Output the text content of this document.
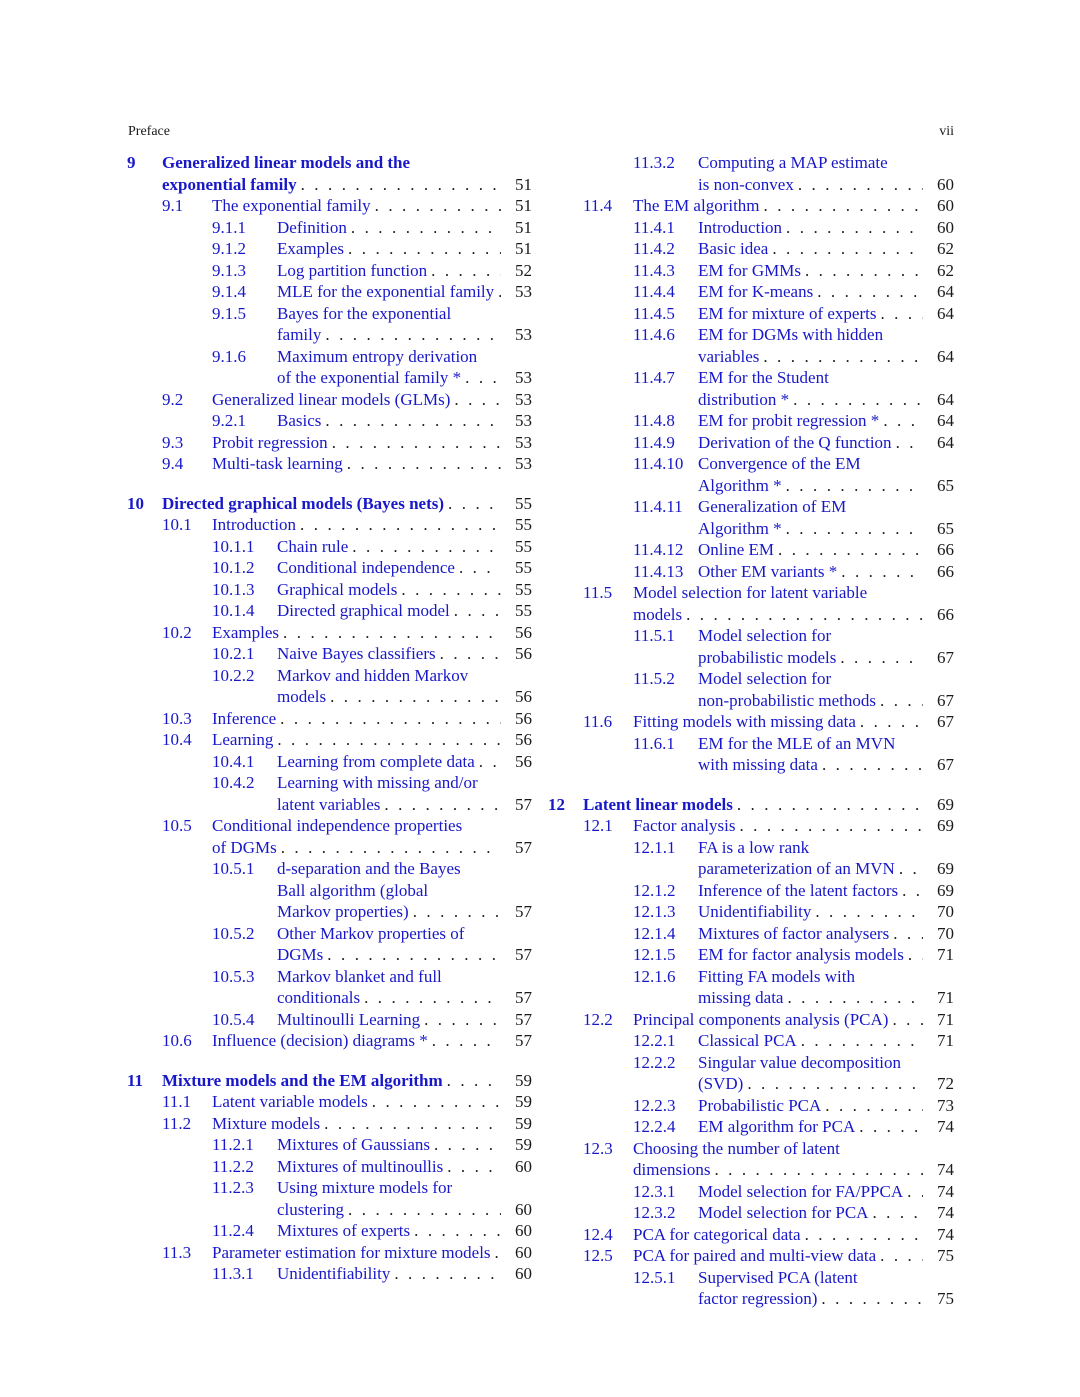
Preface	vii
9 Generalized linear models and the
exponential family . . .	51
9.1 The exponential family . . .	51
9.1.1 Definition . . .	51
9.1.2 Examples . . .	51
9.1.3 Log partition function . . .	52
9.1.4 MLE for the exponential family . . .	53
9.1.5 Bayes for the exponential
family . . .	53
9.1.6 Maximum entropy derivation
of the exponential family * . . .	53
9.2 Generalized linear models (GLMs) . . .	53
9.2.1 Basics . . .	53
9.3 Probit regression . . .	53
9.4 Multi-task learning . . .	53
10 Directed graphical models (Bayes nets) . . .	55
10.1 Introduction . . .	55
10.1.1 Chain rule . . .	55
10.1.2 Conditional independence . . .	55
10.1.3 Graphical models . . .	55
10.1.4 Directed graphical model . . .	55
10.2 Examples . . .	56
10.2.1 Naive Bayes classifiers . . .	56
10.2.2 Markov and hidden Markov
models . . .	56
10.3 Inference . . .	56
10.4 Learning . . .	56
10.4.1 Learning from complete data . . .	56
10.4.2 Learning with missing and/or
latent variables . . .	57
10.5 Conditional independence properties
of DGMs . . .	57
10.5.1 d-separation and the Bayes
Ball algorithm (global
Markov properties) . . .	57
10.5.2 Other Markov properties of
DGMs . . .	57
10.5.3 Markov blanket and full
conditionals . . .	57
10.5.4 Multinoulli Learning . . .	57
10.6 Influence (decision) diagrams * . . .	57
11 Mixture models and the EM algorithm . . .	59
11.1 Latent variable models . . .	59
11.2 Mixture models . . .	59
11.2.1 Mixtures of Gaussians . . .	59
11.2.2 Mixtures of multinoullis . . .	60
11.2.3 Using mixture models for
clustering . . .	60
11.2.4 Mixtures of experts . . .	60
11.3 Parameter estimation for mixture models . . .	60
11.3.1 Unidentifiability . . .	60
11.3.2 Computing a MAP estimate
is non-convex . . .	60
11.4 The EM algorithm . . .	60
11.4.1 Introduction . . .	60
11.4.2 Basic idea . . .	62
11.4.3 EM for GMMs . . .	62
11.4.4 EM for K-means . . .	64
11.4.5 EM for mixture of experts . . .	64
11.4.6 EM for DGMs with hidden
variables . . .	64
11.4.7 EM for the Student
distribution * . . .	64
11.4.8 EM for probit regression * . . .	64
11.4.9 Derivation of the Q function . . .	64
11.4.10 Convergence of the EM
Algorithm * . . .	65
11.4.11 Generalization of EM
Algorithm * . . .	65
11.4.12 Online EM . . .	66
11.4.13 Other EM variants * . . .	66
11.5 Model selection for latent variable
models . . .	66
11.5.1 Model selection for
probabilistic models . . .	67
11.5.2 Model selection for
non-probabilistic methods . . .	67
11.6 Fitting models with missing data . . .	67
11.6.1 EM for the MLE of an MVN
with missing data . . .	67
12 Latent linear models . . .	69
12.1 Factor analysis . . .	69
12.1.1 FA is a low rank
parameterization of an MVN . . .	69
12.1.2 Inference of the latent factors . . .	69
12.1.3 Unidentifiability . . .	70
12.1.4 Mixtures of factor analysers . . .	70
12.1.5 EM for factor analysis models . . .	71
12.1.6 Fitting FA models with
missing data . . .	71
12.2 Principal components analysis (PCA) . . .	71
12.2.1 Classical PCA . . .	71
12.2.2 Singular value decomposition
(SVD) . . .	72
12.2.3 Probabilistic PCA . . .	73
12.2.4 EM algorithm for PCA . . .	74
12.3 Choosing the number of latent
dimensions . . .	74
12.3.1 Model selection for FA/PPCA . . .	74
12.3.2 Model selection for PCA . . .	74
12.4 PCA for categorical data . . .	74
12.5 PCA for paired and multi-view data . . .	75
12.5.1 Supervised PCA (latent
factor regression) . . .	75
